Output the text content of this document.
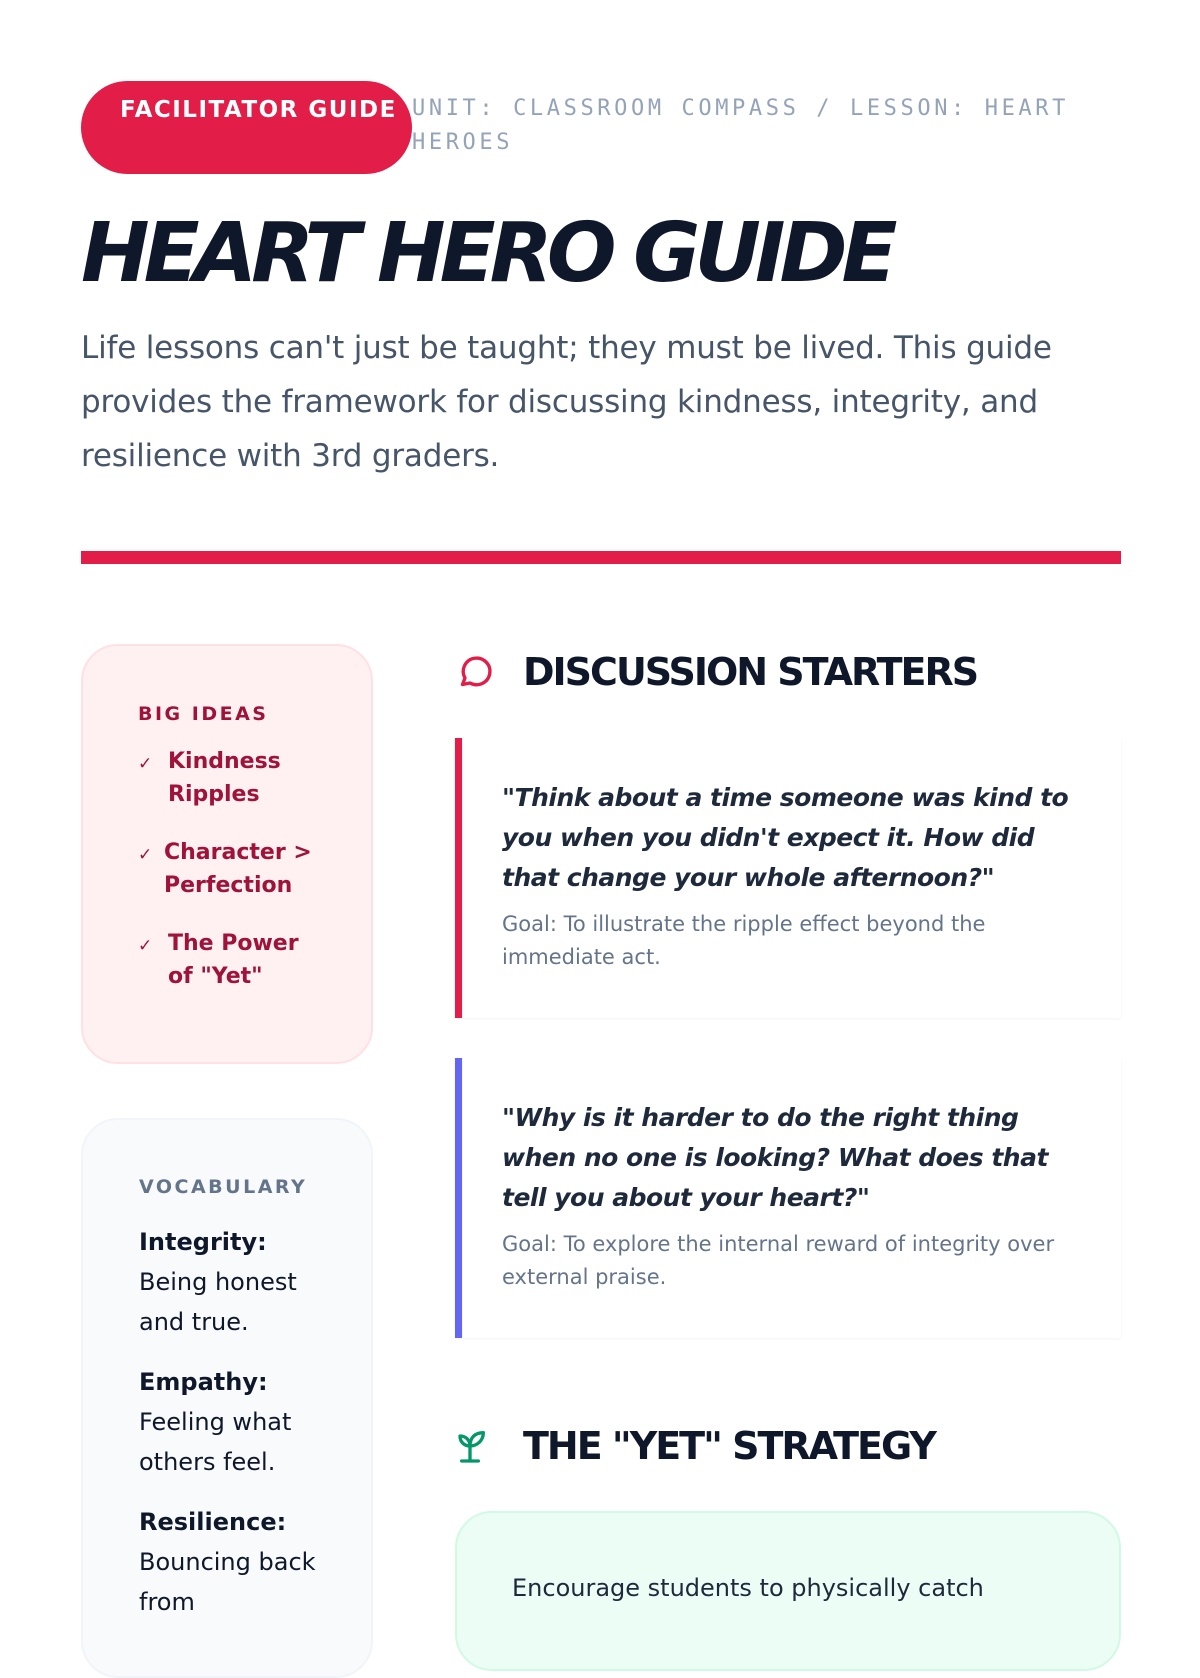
FACILITATOR GUIDE UNIT: CLASSROOM COMPASS / LESSON: HEART HEROES
HEART HERO GUIDE

Life lessons can't just be taught; they must be lived. This guide provides the framework for discussing kindness, integrity, and resilience with 3rd graders.

BIG IDEAS
✓ Kindness Ripples
✓ Character > Perfection
✓ The Power of "Yet"
VOCABULARY
Integrity:
Being honest and true.
Empathy:
Feeling what others feel.
Resilience:
Bouncing back from
DISCUSSION STARTERS

"Think about a time someone was kind to you when you didn't expect it. How did that change your whole afternoon?"

Goal: To illustrate the ripple effect beyond the immediate act.

"Why is it harder to do the right thing when no one is looking? What does that tell you about your heart?"

Goal: To explore the internal reward of integrity over external praise.

THE "YET" STRATEGY

Encourage students to physically catch
